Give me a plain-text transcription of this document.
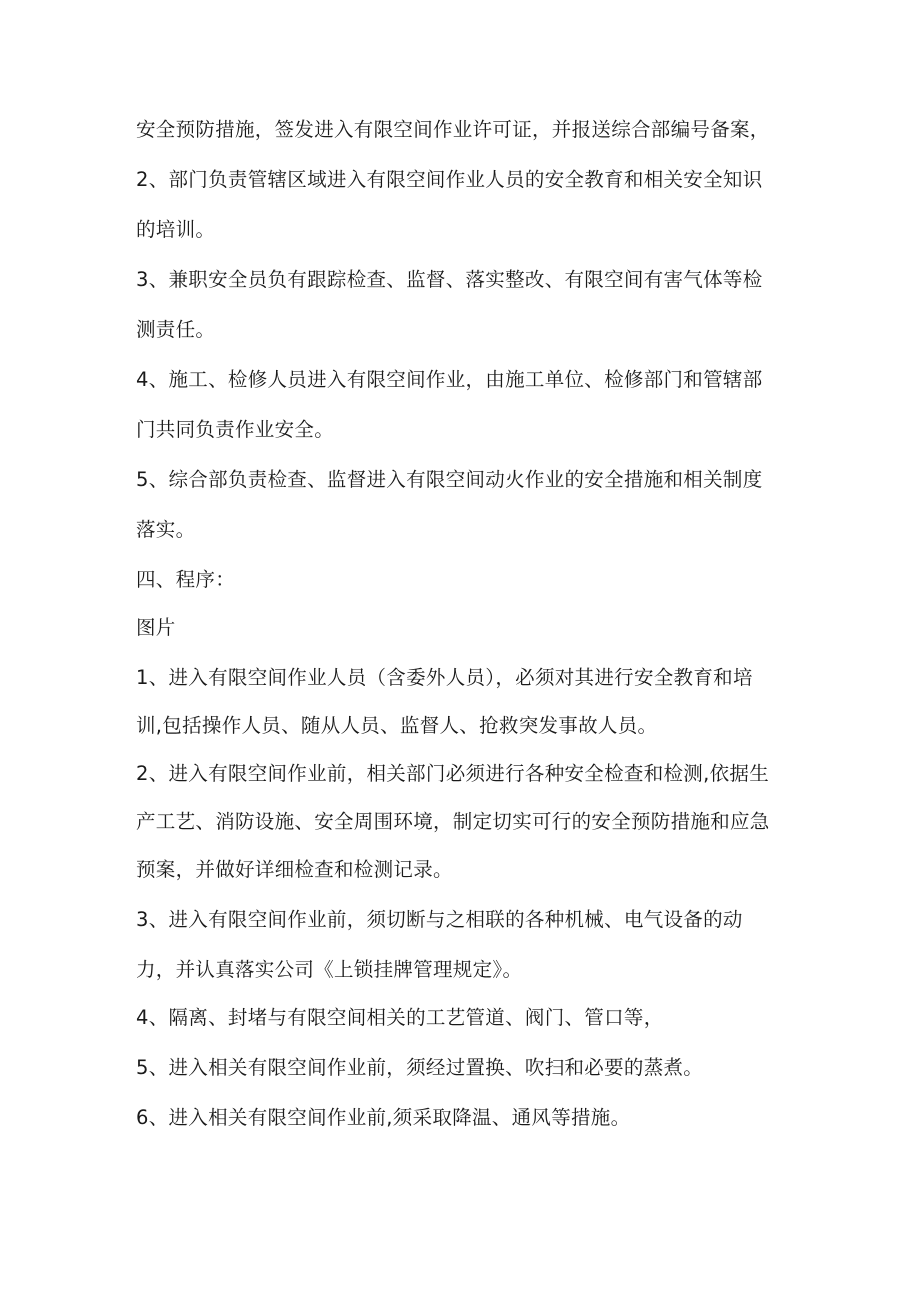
安全预防措施，签发进入有限空间作业许可证，并报送综合部编号备案，
2、部门负责管辖区域进入有限空间作业人员的安全教育和相关安全知识
的培训。
3、兼职安全员负有跟踪检查、监督、落实整改、有限空间有害气体等检
测责任。
4、施工、检修人员进入有限空间作业，由施工单位、检修部门和管辖部
门共同负责作业安全。
5、综合部负责检查、监督进入有限空间动火作业的安全措施和相关制度
落实。
四、程序：
图片
1、进入有限空间作业人员（含委外人员），必须对其进行安全教育和培
训,包括操作人员、随从人员、监督人、抢救突发事故人员。
2、进入有限空间作业前，相关部门必须进行各种安全检查和检测,依据生
产工艺、消防设施、安全周围环境，制定切实可行的安全预防措施和应急
预案，并做好详细检查和检测记录。
3、进入有限空间作业前，须切断与之相联的各种机械、电气设备的动
力，并认真落实公司《上锁挂牌管理规定》。
4、隔离、封堵与有限空间相关的工艺管道、阀门、管口等，
5、进入相关有限空间作业前，须经过置换、吹扫和必要的蒸煮。
6、进入相关有限空间作业前,须采取降温、通风等措施。
